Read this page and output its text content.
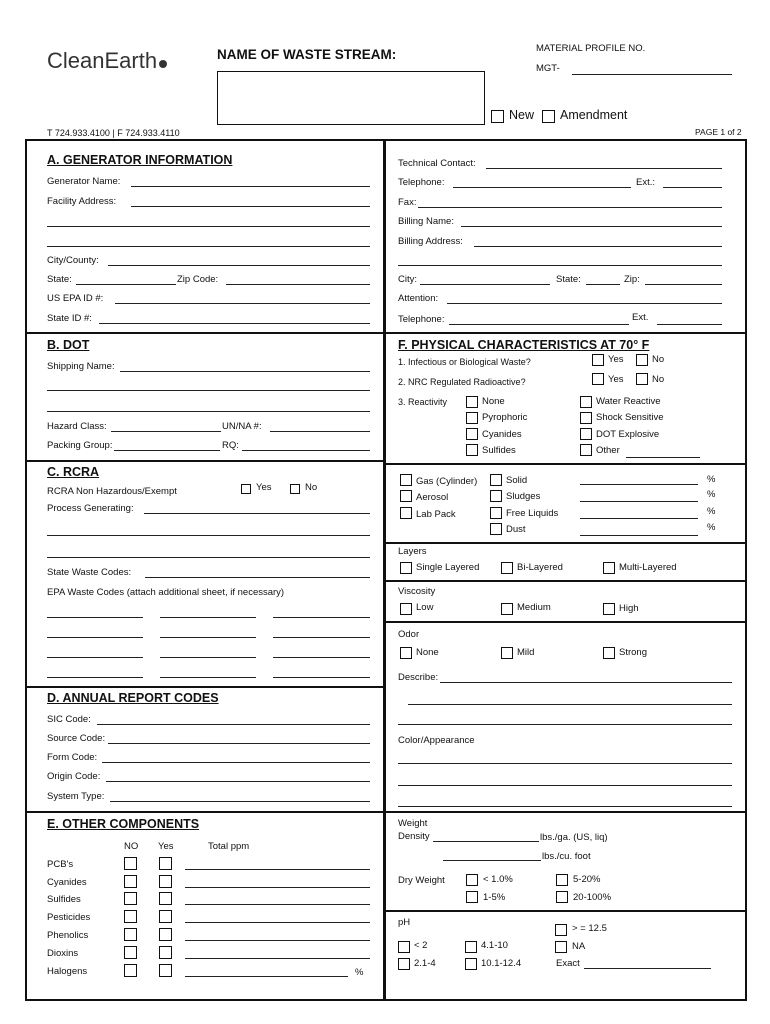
CleanEarth	NAME OF WASTE STREAM:	MATERIAL PROFILE NO.
MGT-
New Amendment
T 724.933.4100 | F 724.933.4110	PAGE 1 of 2
A. GENERATOR INFORMATION
Generator Name:
Facility Address:
City/County:
State:	Zip Code:
US EPA ID #:
State ID #:
Technical Contact:
Telephone:	Ext.:
Fax:
Billing Name:
Billing Address:
City:	State:	Zip:
Attention:
Telephone:	Ext.
B. DOT
Shipping Name:
Hazard Class:	UN/NA #:
Packing Group:	RQ:
C. RCRA
RCRA Non Hazardous/Exempt	Yes	No
Process Generating:
State Waste Codes:
EPA Waste Codes (attach additional sheet, if necessary)
D. ANNUAL REPORT CODES
SIC Code:
Source Code:
Form Code:
Origin Code:
System Type:
E. OTHER COMPONENTS
NO Yes	Total ppm
PCB's
Cyanides
Sulfides
Pesticides
Phenolics
Dioxins
Halogens	%
F. PHYSICAL CHARACTERISTICS AT 70° F
1. Infectious or Biological Waste?	Yes	No
2. NRC Regulated Radioactive?	Yes	No
3. Reactivity	None
Pyrophoric
Cyanides
Sulfides
Water Reactive
Shock Sensitive
DOT Explosive
Other
Gas (Cylinder)
Aerosol
Lab Pack
Solid
Sludges
Free Liquids
Dust
%
%
%
%
Layers
Single Layered	Bi-Layered	Multi-Layered
Viscosity
Low	Medium	High
Odor
None	Mild	Strong
Describe:
Color/Appearance
Weight
Density	lbs./ga. (US, liq)
lbs./cu. foot
Dry Weight	< 1.0%
1-5%
5-20%
20-100%
pH
> = 12.5
< 2	4.1-10	NA
2.1-4	10.1-12.4	Exact
